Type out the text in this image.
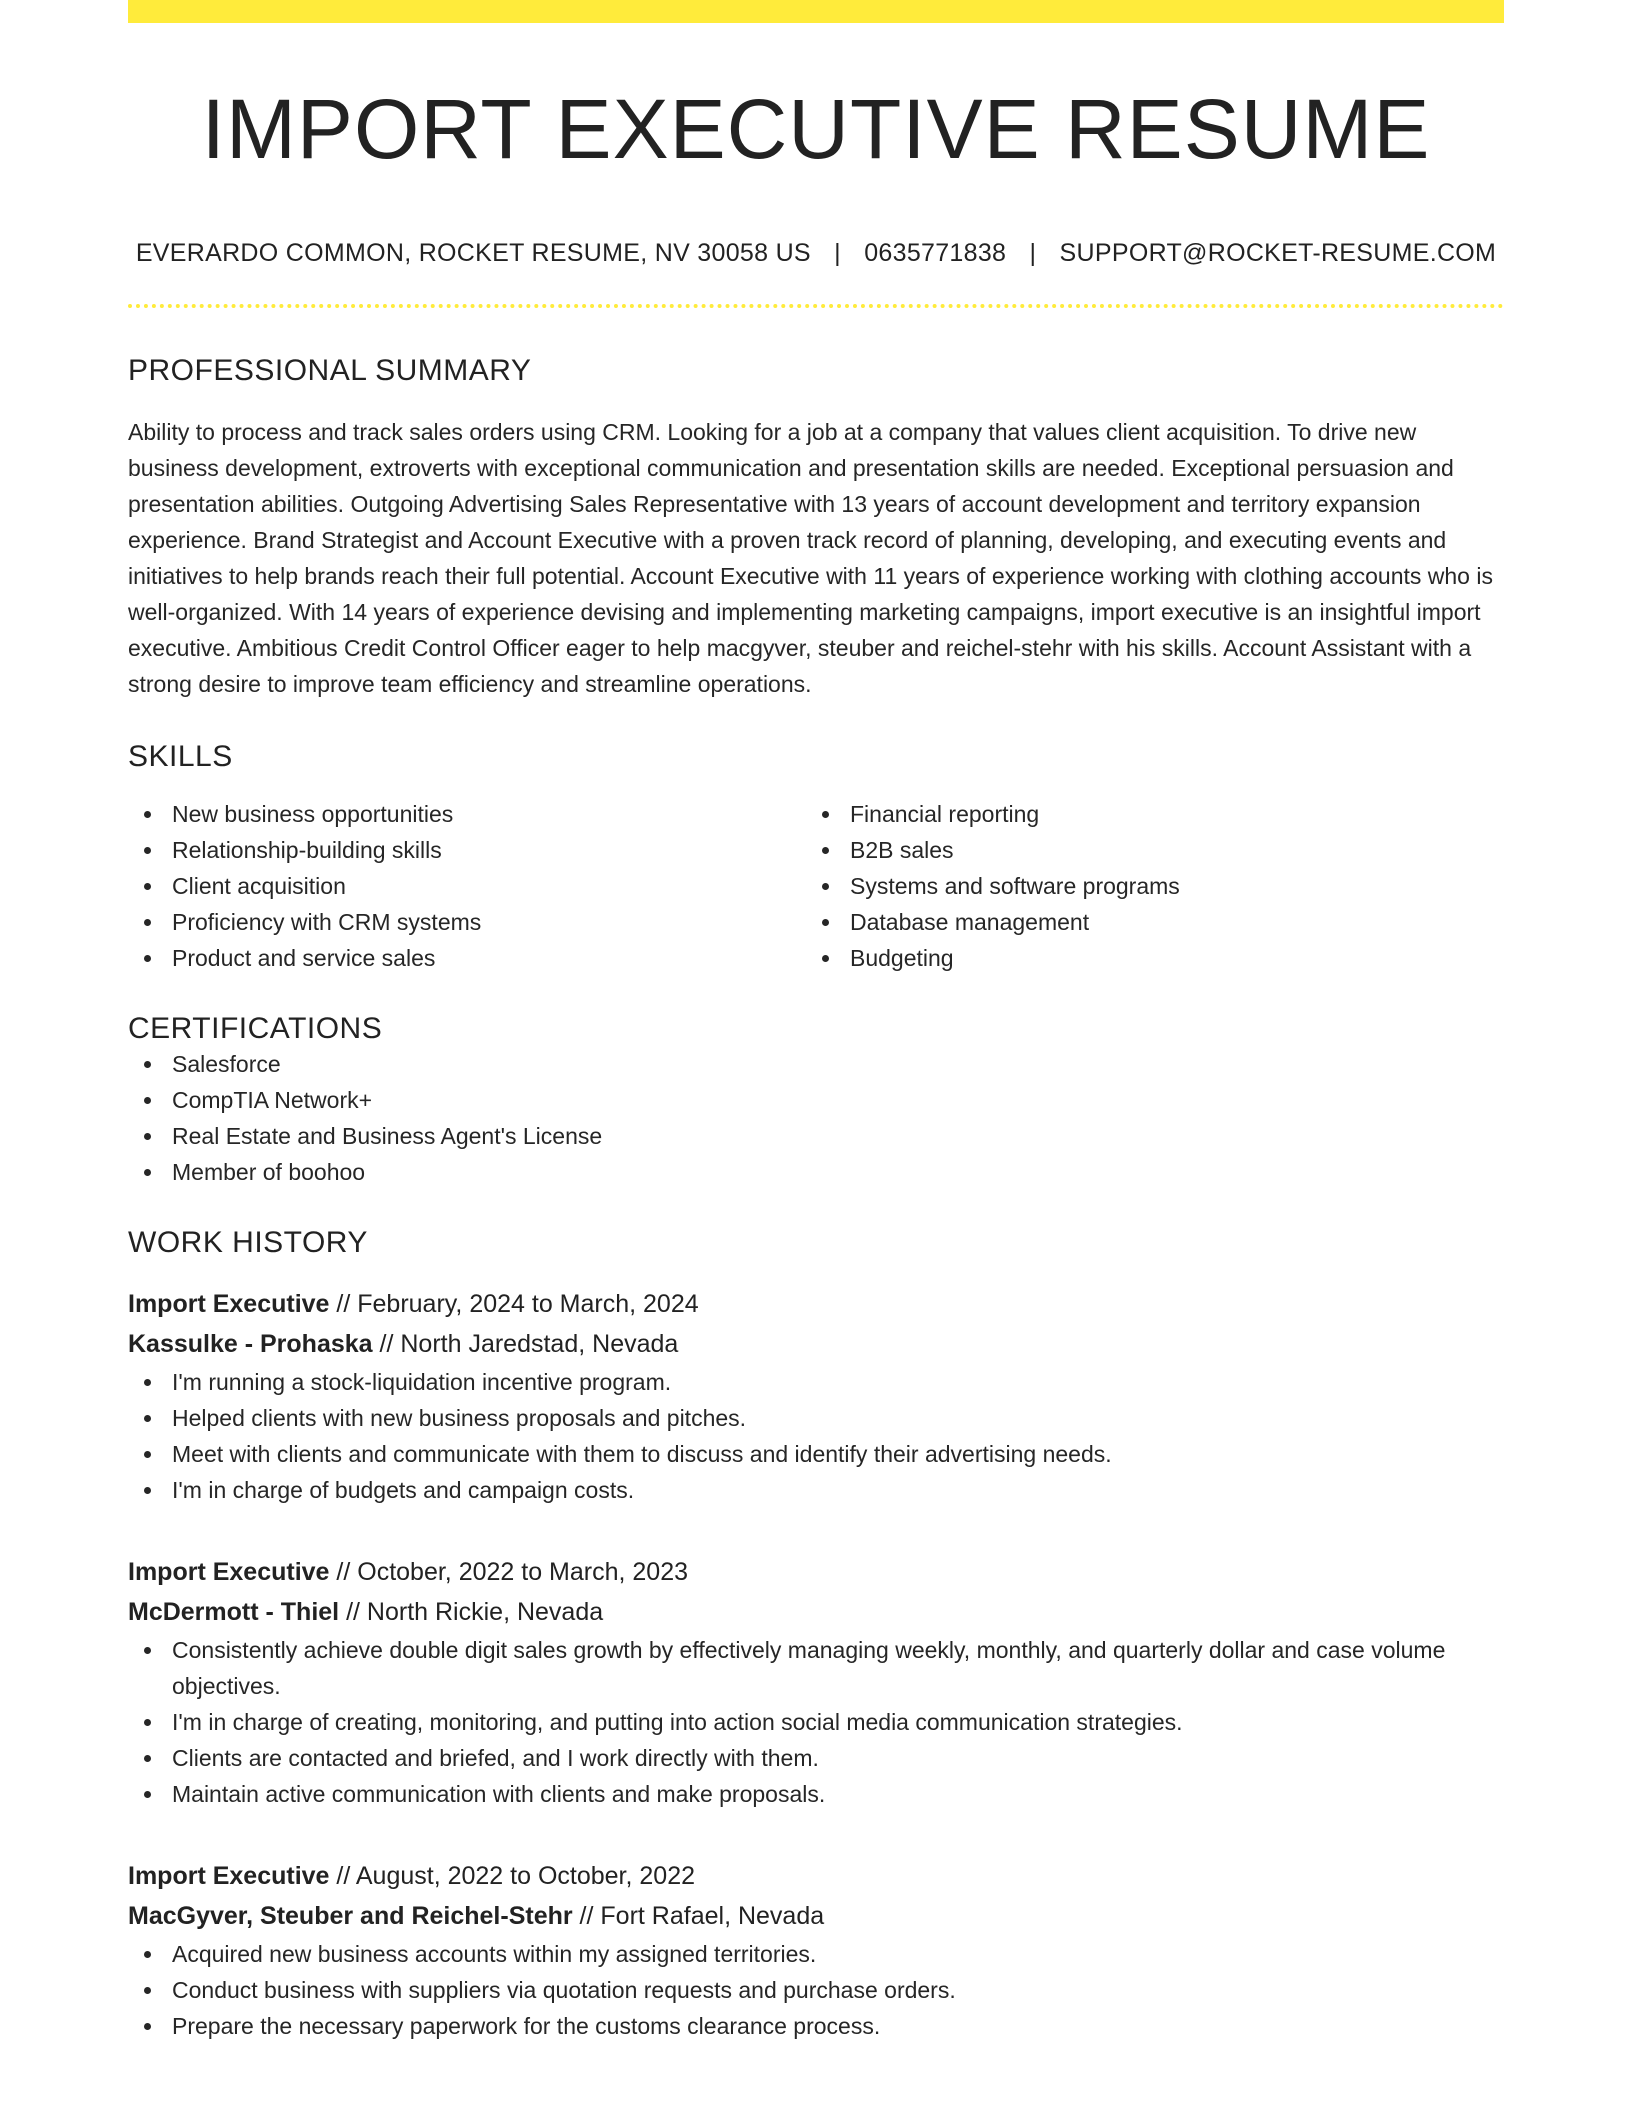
IMPORT EXECUTIVE RESUME
EVERARDO COMMON, ROCKET RESUME, NV 30058 US | 0635771838 | SUPPORT@ROCKET-RESUME.COM
PROFESSIONAL SUMMARY

Ability to process and track sales orders using CRM. Looking for a job at a company that values client acquisition. To drive new business development, extroverts with exceptional communication and presentation skills are needed. Exceptional persuasion and presentation abilities. Outgoing Advertising Sales Representative with 13 years of account development and territory expansion experience. Brand Strategist and Account Executive with a proven track record of planning, developing, and executing events and initiatives to help brands reach their full potential. Account Executive with 11 years of experience working with clothing accounts who is well-organized. With 14 years of experience devising and implementing marketing campaigns, import executive is an insightful import executive. Ambitious Credit Control Officer eager to help macgyver, steuber and reichel-stehr with his skills. Account Assistant with a strong desire to improve team efficiency and streamline operations.

SKILLS
New business opportunities
Relationship-building skills
Client acquisition
Proficiency with CRM systems
Product and service sales
Financial reporting
B2B sales
Systems and software programs
Database management
Budgeting
CERTIFICATIONS
Salesforce
CompTIA Network+
Real Estate and Business Agent's License
Member of boohoo
WORK HISTORY
Import Executive // February, 2024 to March, 2024
Kassulke - Prohaska // North Jaredstad, Nevada
I'm running a stock-liquidation incentive program.
Helped clients with new business proposals and pitches.
Meet with clients and communicate with them to discuss and identify their advertising needs.
I'm in charge of budgets and campaign costs.
Import Executive // October, 2022 to March, 2023
McDermott - Thiel // North Rickie, Nevada
Consistently achieve double digit sales growth by effectively managing weekly, monthly, and quarterly dollar and case volume objectives.
I'm in charge of creating, monitoring, and putting into action social media communication strategies.
Clients are contacted and briefed, and I work directly with them.
Maintain active communication with clients and make proposals.
Import Executive // August, 2022 to October, 2022
MacGyver, Steuber and Reichel-Stehr // Fort Rafael, Nevada
Acquired new business accounts within my assigned territories.
Conduct business with suppliers via quotation requests and purchase orders.
Prepare the necessary paperwork for the customs clearance process.
